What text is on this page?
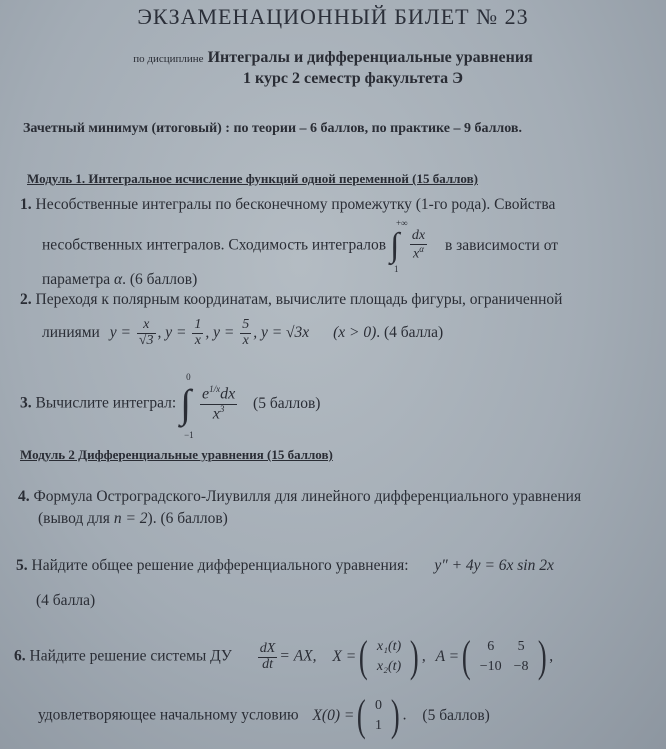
ЭКЗАМЕНАЦИОННЫЙ БИЛЕТ № 23
по дисциплине Интегралы и дифференциальные уравнения
1 курс 2 семестр факультета Э
Зачетный минимум (итоговый) : по теории – 6 баллов, по практике – 9 баллов.
Модуль 1. Интегральное исчисление функций одной переменной (15 баллов)
1. Несобственные интегралы по бесконечному промежутку (1-го рода). Свойства
несобственных интегралов. Сходимость интегралов ∫
+∞
1

$\frac{dx}{x^\alpha}$ в зависимости от
параметра α. (6 баллов)
2. Переходя к полярным координатам, вычислите площадь фигуры, ограниченной
линиями $y = \frac{x}{√3}$ , $y = \frac{1}{x}$ , $y = \frac{5}{x}$ , y = √3x (x > 0). (4 балла)
3. Вычислите интеграл: ∫
0
−1

$\frac{e^{1/x}dx}{x^3} (5$ баллов)
Модуль 2 Дифференциальные уравнения (15 баллов)
4. Формула Остроградского-Лиувилля для линейного дифференциального уравнения
(вывод для n = 2). (6 баллов)
5. Найдите общее решение дифференциального уравнения: y″ + 4y = 6x sin 2x
(4 балла)
6. Найдите решение системы ДУ $\frac{dX}{dt}$ = AX, X =( x₁(t)
x₂(t) ) , A =( 6	5
−10	−8 ) ,
удовлетворяющее начальному условию X(0) =( 0
1 ) . (5 баллов)
